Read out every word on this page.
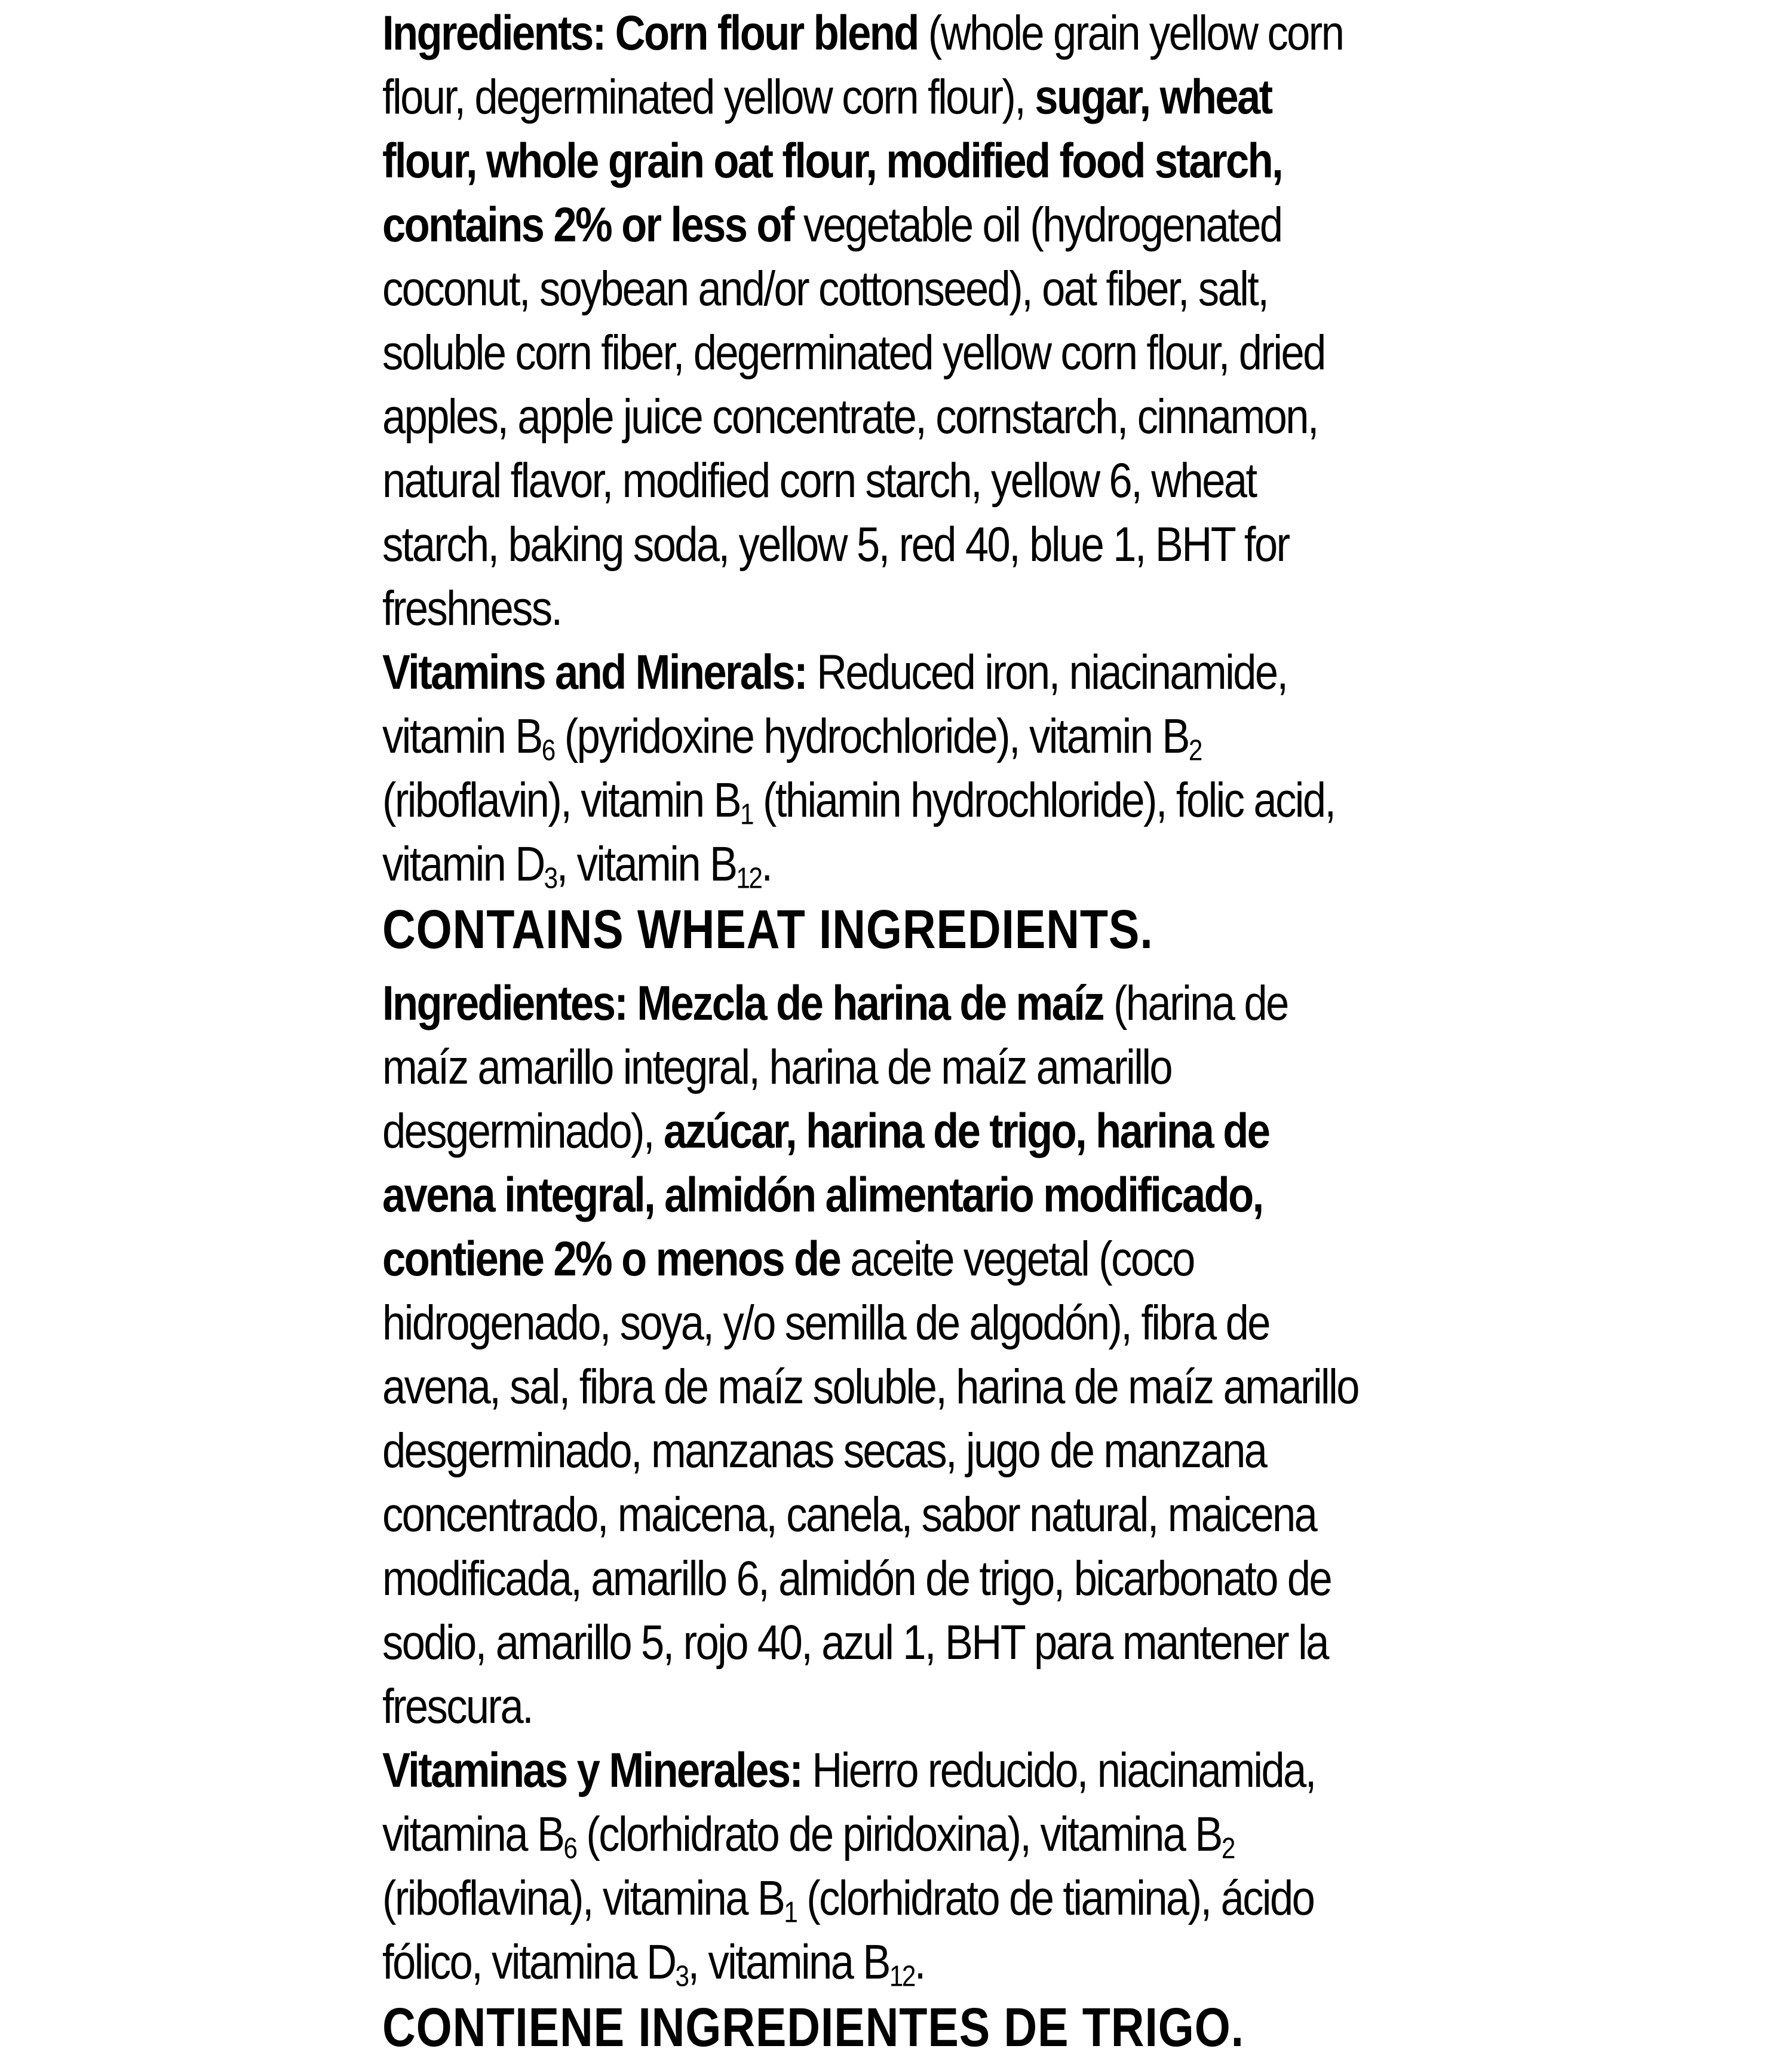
Ingredients: Corn flour blend (whole grain yellow corn flour, degerminated yellow corn flour), sugar, wheat flour, whole grain oat flour, modified food starch, contains 2% or less of vegetable oil (hydrogenated coconut, soybean and/or cottonseed), oat fiber, salt, soluble corn fiber, degerminated yellow corn flour, dried apples, apple juice concentrate, cornstarch, cinnamon, natural flavor, modified corn starch, yellow 6, wheat starch, baking soda, yellow 5, red 40, blue 1, BHT for freshness.

Vitamins and Minerals: Reduced iron, niacinamide, vitamin $B_6$ (pyridoxine hydrochloride), vitamin $B_2$ (riboflavin), vitamin $B_1$ (thiamin hydrochloride), folic acid, vitamin $D_3$, vitamin $B_{12}$.

CONTAINS WHEAT INGREDIENTS.

Ingredientes: Mezcla de harina de maíz (harina de maíz amarillo integral, harina de maíz amarillo desgerminado), azúcar, harina de trigo, harina de avena integral, almidón alimentario modificado, contiene 2% o menos de aceite vegetal (coco hidrogenado, soya, y/o semilla de algodón), fibra de avena, sal, fibra de maíz soluble, harina de maíz amarillo desgerminado, manzanas secas, jugo de manzana concentrado, maicena, canela, sabor natural, maicena modificada, amarillo 6, almidón de trigo, bicarbonato de sodio, amarillo 5, rojo 40, azul 1, BHT para mantener la frescura.

Vitaminas y Minerales: Hierro reducido, niacinamida, vitamina $B_6$ (clorhidrato de piridoxina), vitamina $B_2$ (riboflavina), vitamina $B_1$ (clorhidrato de tiamina), ácido fólico, vitamina $D_3$, vitamina $B_{12}$.

CONTIENE INGREDIENTES DE TRIGO.
